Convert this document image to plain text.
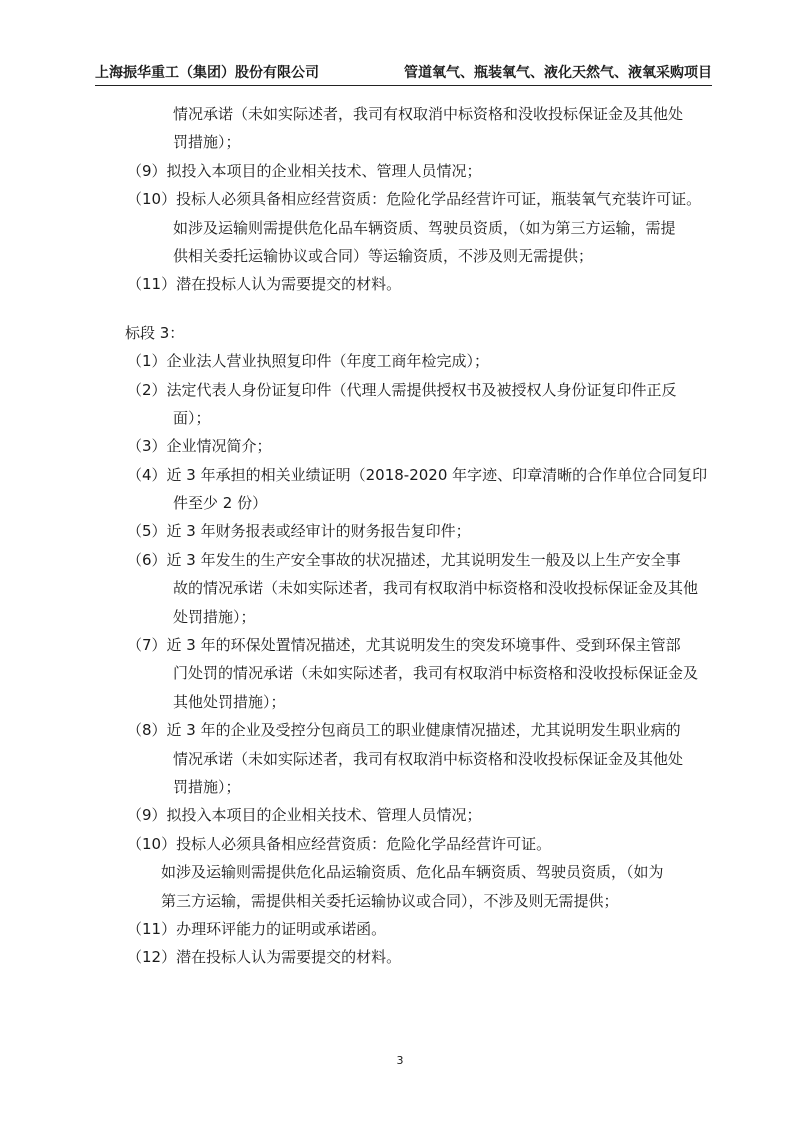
上海振华重工（集团）股份有限公司	管道氧气、瓶装氧气、液化天然气、液氧采购项目
情况承诺（未如实际述者，我司有权取消中标资格和没收投标保证金及其他处
罚措施）；
（9）拟投入本项目的企业相关技术、管理人员情况；
（10）投标人必须具备相应经营资质：危险化学品经营许可证，瓶装氧气充装许可证。
如涉及运输则需提供危化品车辆资质、驾驶员资质，（如为第三方运输，需提
供相关委托运输协议或合同）等运输资质，不涉及则无需提供；
（11）潜在投标人认为需要提交的材料。
标段 3：
（1）企业法人营业执照复印件（年度工商年检完成）；
（2）法定代表人身份证复印件（代理人需提供授权书及被授权人身份证复印件正反
面）；
（3）企业情况简介；
（4）近 3 年承担的相关业绩证明（2018-2020 年字迹、印章清晰的合作单位合同复印
件至少 2 份）
（5）近 3 年财务报表或经审计的财务报告复印件；
（6）近 3 年发生的生产安全事故的状况描述，尤其说明发生一般及以上生产安全事
故的情况承诺（未如实际述者，我司有权取消中标资格和没收投标保证金及其他
处罚措施）；
（7）近 3 年的环保处置情况描述，尤其说明发生的突发环境事件、受到环保主管部
门处罚的情况承诺（未如实际述者，我司有权取消中标资格和没收投标保证金及
其他处罚措施）；
（8）近 3 年的企业及受控分包商员工的职业健康情况描述，尤其说明发生职业病的
情况承诺（未如实际述者，我司有权取消中标资格和没收投标保证金及其他处
罚措施）；
（9）拟投入本项目的企业相关技术、管理人员情况；
（10）投标人必须具备相应经营资质：危险化学品经营许可证。
如涉及运输则需提供危化品运输资质、危化品车辆资质、驾驶员资质，（如为
第三方运输，需提供相关委托运输协议或合同），不涉及则无需提供；
（11）办理环评能力的证明或承诺函。
（12）潜在投标人认为需要提交的材料。
3
